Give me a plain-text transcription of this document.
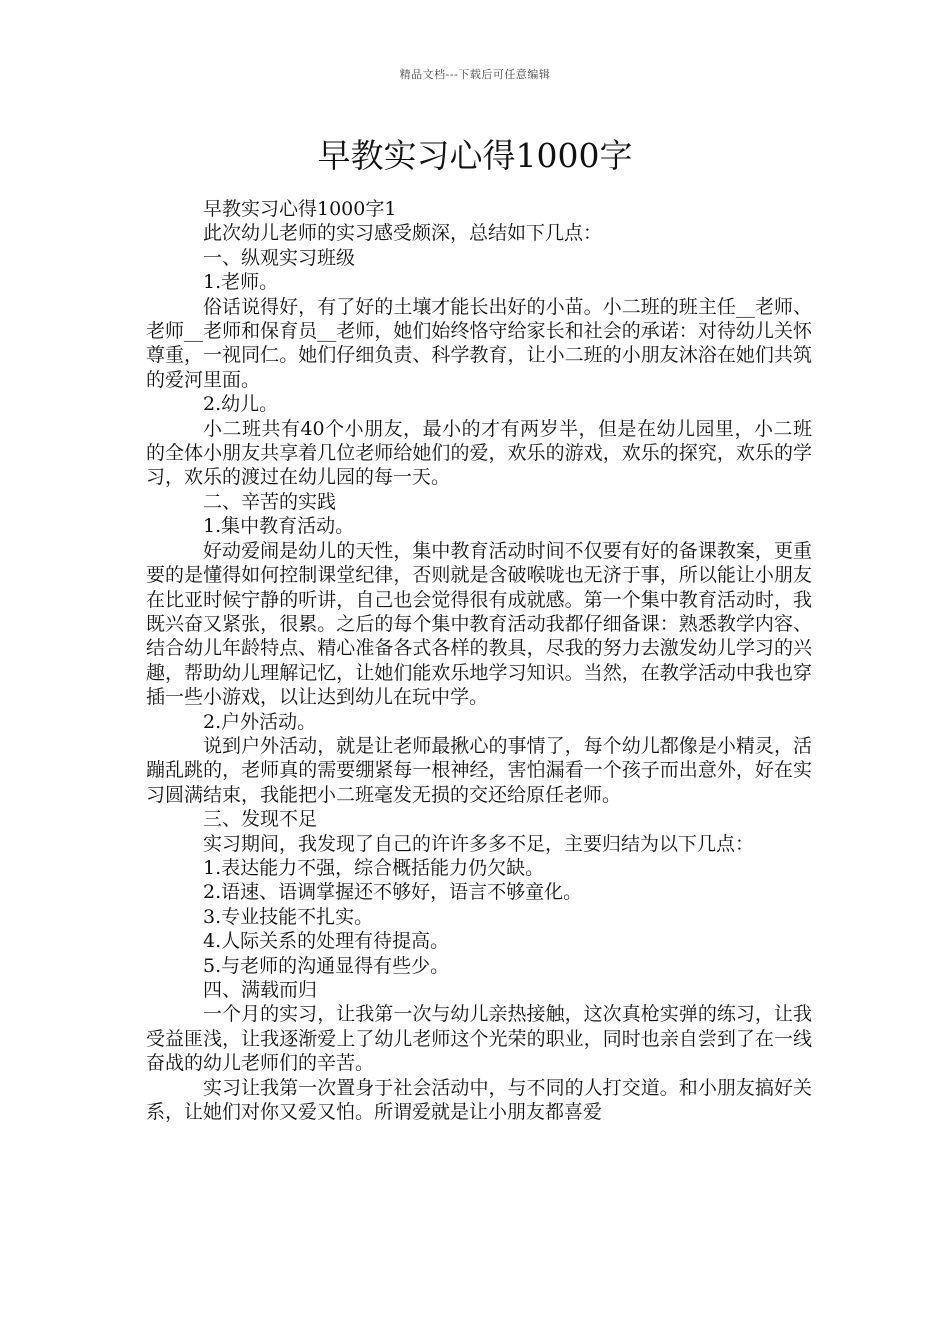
精品文档---下载后可任意编辑
早教实习心得1000字

早教实习心得1000字1

此次幼儿老师的实习感受颇深，总结如下几点：

一、纵观实习班级

1.老师。

俗话说得好，有了好的土壤才能长出好的小苗。小二班的班主任__老师、老师__老师和保育员__老师，她们始终恪守给家长和社会的承诺：对待幼儿关怀尊重，一视同仁。她们仔细负责、科学教育，让小二班的小朋友沐浴在她们共筑的爱河里面。

2.幼儿。

小二班共有40个小朋友，最小的才有两岁半，但是在幼儿园里，小二班的全体小朋友共享着几位老师给她们的爱，欢乐的游戏，欢乐的探究，欢乐的学习，欢乐的渡过在幼儿园的每一天。

二、辛苦的实践

1.集中教育活动。

好动爱闹是幼儿的天性，集中教育活动时间不仅要有好的备课教案，更重要的是懂得如何控制课堂纪律，否则就是含破喉咙也无济于事，所以能让小朋友在比亚时候宁静的听讲，自己也会觉得很有成就感。第一个集中教育活动时，我既兴奋又紧张，很累。之后的每个集中教育活动我都仔细备课：熟悉教学内容、结合幼儿年龄特点、精心准备各式各样的教具，尽我的努力去激发幼儿学习的兴趣，帮助幼儿理解记忆，让她们能欢乐地学习知识。当然，在教学活动中我也穿插一些小游戏，以让达到幼儿在玩中学。

2.户外活动。

说到户外活动，就是让老师最揪心的事情了，每个幼儿都像是小精灵，活蹦乱跳的，老师真的需要绷紧每一根神经，害怕漏看一个孩子而出意外，好在实习圆满结束，我能把小二班毫发无损的交还给原任老师。

三、发现不足

实习期间，我发现了自己的许许多多不足，主要归结为以下几点：

1.表达能力不强，综合概括能力仍欠缺。

2.语速、语调掌握还不够好，语言不够童化。

3.专业技能不扎实。

4.人际关系的处理有待提高。

5.与老师的沟通显得有些少。

四、满载而归

一个月的实习，让我第一次与幼儿亲热接触，这次真枪实弹的练习，让我受益匪浅，让我逐渐爱上了幼儿老师这个光荣的职业，同时也亲自尝到了在一线奋战的幼儿老师们的辛苦。

实习让我第一次置身于社会活动中，与不同的人打交道。和小朋友搞好关系，让她们对你又爱又怕。所谓爱就是让小朋友都喜爱
